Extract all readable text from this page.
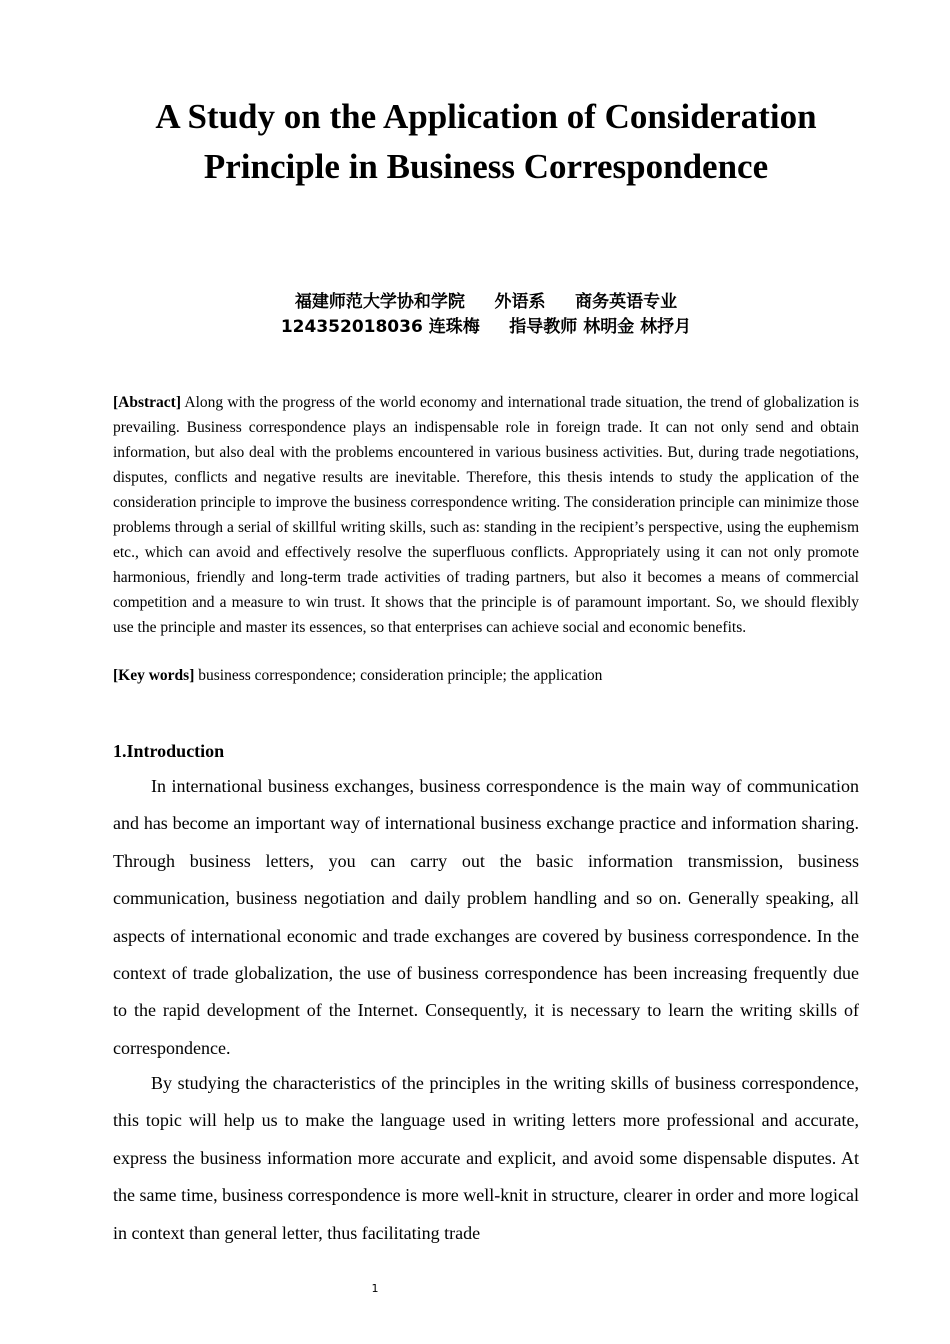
A Study on the Application of Consideration
Principle in Business Correspondence
福建师范大学协和学院     外语系     商务英语专业
124352018036 连珠梅     指导教师 林明金 林抒月

[Abstract] Along with the progress of the world economy and international trade situation, the trend of globalization is prevailing. Business correspondence plays an indispensable role in foreign trade. It can not only send and obtain information, but also deal with the problems encountered in various business activities. But, during trade negotiations, disputes, conflicts and negative results are inevitable. Therefore, this thesis intends to study the application of the consideration principle to improve the business correspondence writing. The consideration principle can minimize those problems through a serial of skillful writing skills, such as: standing in the recipient’s perspective, using the euphemism etc., which can avoid and effectively resolve the superfluous conflicts. Appropriately using it can not only promote harmonious, friendly and long-term trade activities of trading partners, but also it becomes a means of commercial competition and a measure to win trust. It shows that the principle is of paramount important. So, we should flexibly use the principle and master its essences, so that enterprises can achieve social and economic benefits.

[Key words] business correspondence; consideration principle; the application

1.Introduction

In international business exchanges, business correspondence is the main way of communication and has become an important way of international business exchange practice and information sharing. Through business letters, you can carry out the basic information transmission, business communication, business negotiation and daily problem handling and so on. Generally speaking, all aspects of international economic and trade exchanges are covered by business correspondence. In the context of trade globalization, the use of business correspondence has been increasing frequently due to the rapid development of the Internet. Consequently, it is necessary to learn the writing skills of correspondence.

By studying the characteristics of the principles in the writing skills of business correspondence, this topic will help us to make the language used in writing letters more professional and accurate, express the business information more accurate and explicit, and avoid some dispensable disputes. At the same time, business correspondence is more well-knit in structure, clearer in order and more logical in context than general letter, thus facilitating trade

1
